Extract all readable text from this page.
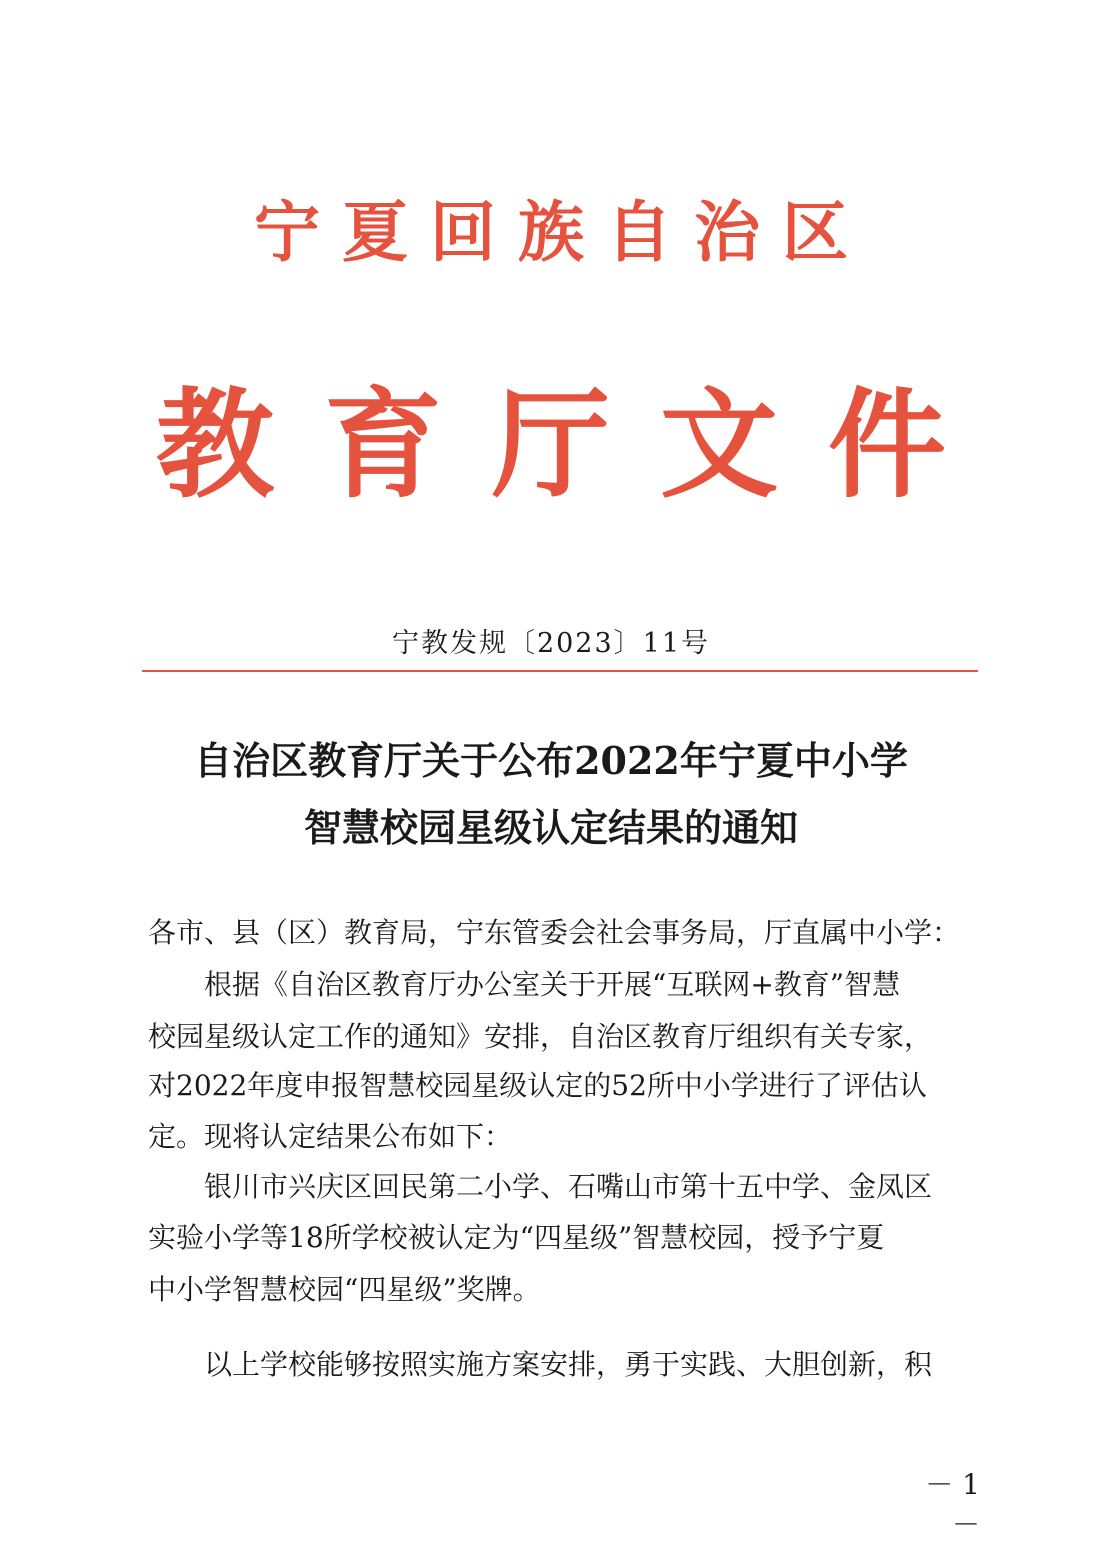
宁夏回族自治区
教育厅文件
宁教发规〔2023〕11号
自治区教育厅关于公布2022年宁夏中小学
智慧校园星级认定结果的通知
各市、县（区）教育局，宁东管委会社会事务局，厅直属中小学：
　　根据《自治区教育厅办公室关于开展“互联网+教育”智慧
校园星级认定工作的通知》安排，自治区教育厅组织有关专家，
对2022年度申报智慧校园星级认定的52所中小学进行了评估认
定。现将认定结果公布如下：
　　银川市兴庆区回民第二小学、石嘴山市第十五中学、金凤区
实验小学等18所学校被认定为“四星级”智慧校园，授予宁夏
中小学智慧校园“四星级”奖牌。
　　以上学校能够按照实施方案安排，勇于实践、大胆创新，积
－ 1 －
